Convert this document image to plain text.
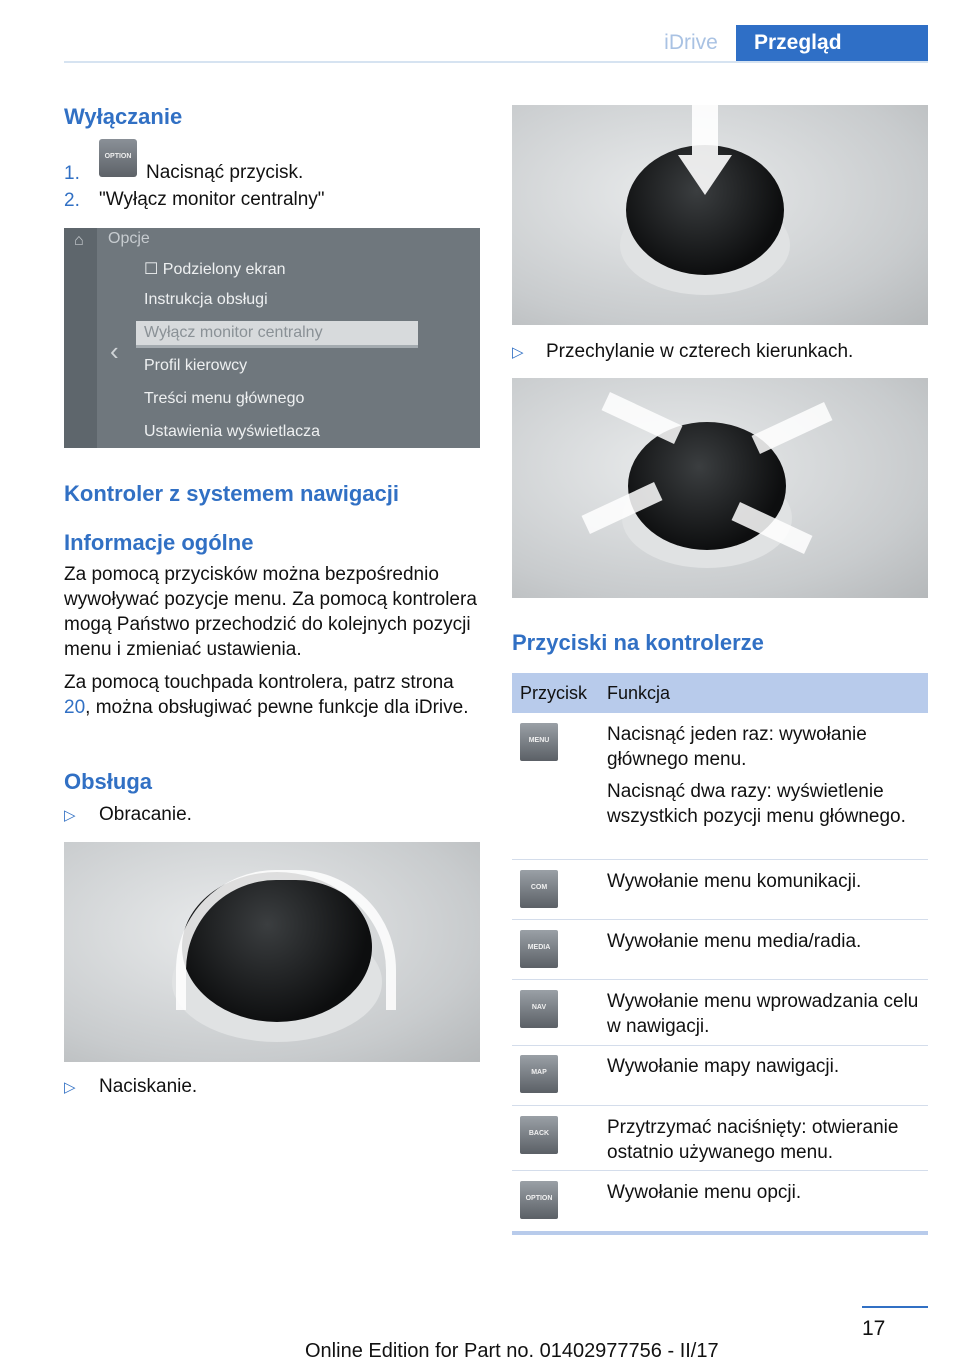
iDrive	Przegląd
Wyłączanie
1.
OPTION
Nacisnąć przycisk.
2. "Wyłącz monitor centralny"
⌂
‹
Opcje
☐ Podzielony ekran
Instrukcja obsługi
Wyłącz monitor centralny
Profil kierowcy
Treści menu głównego
Ustawienia wyświetlacza
Kontroler z systemem nawigacji
Informacje ogólne
Za pomocą przycisków można bezpośrednio wywoływać pozycje menu. Za pomocą kontrolera mogą Państwo przechodzić do kolejnych pozycji menu i zmieniać ustawienia.
Za pomocą touchpada kontrolera, patrz strona 20, można obsługiwać pewne funkcje dla iDrive.
Obsługa
▷ Obracanie.
▷ Naciskanie.
▷ Przechylanie w czterech kierunkach.
Przyciski na kontrolerze
Przycisk Funkcja
MENU	Nacisnąć jeden raz: wywołanie głównego menu.
Nacisnąć dwa razy: wyświetlenie wszystkich pozycji menu głównego.
COM	Wywołanie menu komunikacji.
MEDIA	Wywołanie menu media/radia.
NAV	Wywołanie menu wprowadzania celu w nawigacji.
MAP	Wywołanie mapy nawigacji.
BACK	Przytrzymać naciśnięty: otwieranie ostatnio używanego menu.
OPTION	Wywołanie menu opcji.
17
Online Edition for Part no. 01402977756 - II/17
